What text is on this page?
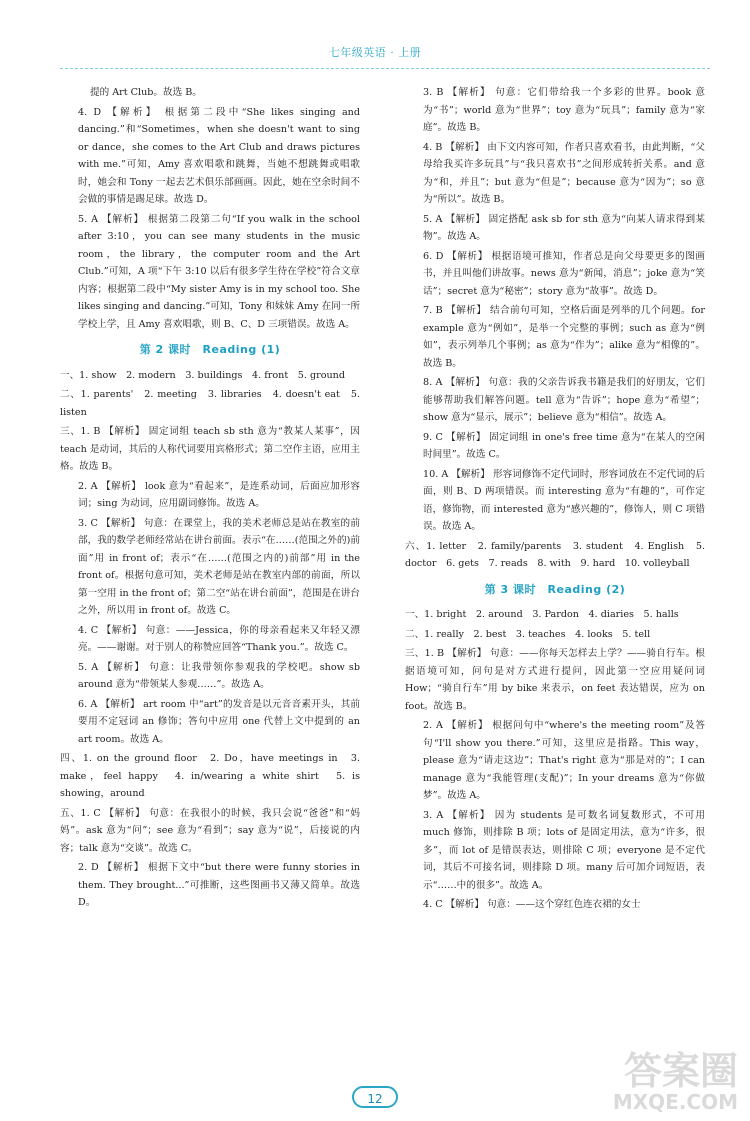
七年级英语 · 上册
提的 Art Club。故选 B。
4. D 【解析】 根据第二段中“She likes singing and dancing.”和“Sometimes，when she doesn't want to sing or dance，she comes to the Art Club and draws pictures with me.”可知，Amy 喜欢唱歌和跳舞，当她不想跳舞或唱歌时，她会和 Tony 一起去艺术俱乐部画画。因此，她在空余时间不会做的事情是踢足球。故选 D。
5. A 【解析】 根据第二段第二句“If you walk in the school after 3:10，you can see many students in the music room，the library，the computer room and the Art Club.”可知，A 项“下午 3:10 以后有很多学生待在学校”符合文章内容；根据第二段中“My sister Amy is in my school too. She likes singing and dancing.”可知，Tony 和妹妹 Amy 在同一所学校上学，且 Amy 喜欢唱歌，则 B、C、D 三项错误。故选 A。
第 2 课时　Reading (1)
一、1. show　2. modern　3. buildings　4. front　5. ground
二、1. parents'　2. meeting　3. libraries　4. doesn't eat　5. listen
三、1. B 【解析】 固定词组 teach sb sth 意为“教某人某事”，因 teach 是动词，其后的人称代词要用宾格形式；第二空作主语，应用主格。故选 B。
2. A 【解析】 look 意为“看起来”，是连系动词，后面应加形容词；sing 为动词，应用副词修饰。故选 A。
3. C 【解析】 句意：在课堂上，我的美术老师总是站在教室的前部，我的数学老师经常站在讲台前面。表示“在……(范围之外的)前面”用 in front of；表示“在……(范围之内的)前部”用 in the front of。根据句意可知，美术老师是站在教室内部的前面，所以第一空用 in the front of；第二空“站在讲台前面”，范围是在讲台之外，所以用 in front of。故选 C。
4. C 【解析】 句意：——Jessica，你的母亲看起来又年轻又漂亮。——谢谢。对于别人的称赞应回答“Thank you.”。故选 C。
5. A 【解析】 句意：让我带领你参观我的学校吧。show sb around 意为“带领某人参观……”。故选 A。
6. A 【解析】 art room 中“art”的发音是以元音音素开头，其前要用不定冠词 an 修饰；答句中应用 one 代替上文中提到的 an art room。故选 A。
四、1. on the ground floor　2. Do，have meetings in　3. make，feel happy　4. in/wearing a white shirt　5. is showing，around
五、1. C 【解析】 句意：在我很小的时候，我只会说“爸爸”和“妈妈”。ask 意为“问”；see 意为“看到”；say 意为“说”，后接说的内容；talk 意为“交谈”。故选 C。
2. D 【解析】 根据下文中“but there were funny stories in them. They brought...”可推断，这些图画书又薄又简单。故选 D。
3. B 【解析】 句意：它们带给我一个多彩的世界。book 意为“书”；world 意为“世界”；toy 意为“玩具”；family 意为“家庭”。故选 B。
4. B 【解析】 由下文内容可知，作者只喜欢看书，由此判断，“父母给我买许多玩具”与“我只喜欢书”之间形成转折关系。and 意为“和，并且”；but 意为“但是”；because 意为“因为”；so 意为“所以”。故选 B。
5. A 【解析】 固定搭配 ask sb for sth 意为“向某人请求得到某物”。故选 A。
6. D 【解析】 根据语境可推知，作者总是向父母要更多的图画书，并且叫他们讲故事。news 意为“新闻，消息”；joke 意为“笑话”；secret 意为“秘密”；story 意为“故事”。故选 D。
7. B 【解析】 结合前句可知，空格后面是列举的几个问题。for example 意为“例如”，是举一个完整的事例；such as 意为“例如”，表示列举几个事例；as 意为“作为”；alike 意为“相像的”。故选 B。
8. A 【解析】 句意：我的父亲告诉我书籍是我们的好朋友，它们能够帮助我们解答问题。tell 意为“告诉”；hope 意为“希望”；show 意为“显示，展示”；believe 意为“相信”。故选 A。
9. C 【解析】 固定词组 in one's free time 意为“在某人的空闲时间里”。故选 C。
10. A 【解析】 形容词修饰不定代词时，形容词放在不定代词的后面，则 B、D 两项错误。而 interesting 意为“有趣的”，可作定语，修饰物，而 interested 意为“感兴趣的”，修饰人，则 C 项错误。故选 A。
六、1. letter　2. family/parents　3. student　4. English　5. doctor　6. gets　7. reads　8. with　9. hard　10. volleyball
第 3 课时　Reading (2)
一、1. bright　2. around　3. Pardon　4. diaries　5. halls
二、1. really　2. best　3. teaches　4. looks　5. tell
三、1. B 【解析】 句意：——你每天怎样去上学？——骑自行车。根据语境可知，问句是对方式进行提问，因此第一空应用疑问词 How；“骑自行车”用 by bike 来表示，on feet 表达错误，应为 on foot。故选 B。
2. A 【解析】 根据问句中“where's the meeting room”及答句“I'll show you there.”可知，这里应是指路。This way，please 意为“请走这边”；That's right 意为“那是对的”；I can manage 意为“我能管理(支配)”；In your dreams 意为“你做梦”。故选 A。
3. A 【解析】 因为 students 是可数名词复数形式，不可用 much 修饰，则排除 B 项；lots of 是固定用法，意为“许多，很多”，而 lot of 是错误表达，则排除 C 项；everyone 是不定代词，其后不可接名词，则排除 D 项。many 后可加介词短语，表示“……中的很多”。故选 A。
4. C 【解析】 句意：——这个穿红色连衣裙的女士
12
答案圈
MXQE.COM
